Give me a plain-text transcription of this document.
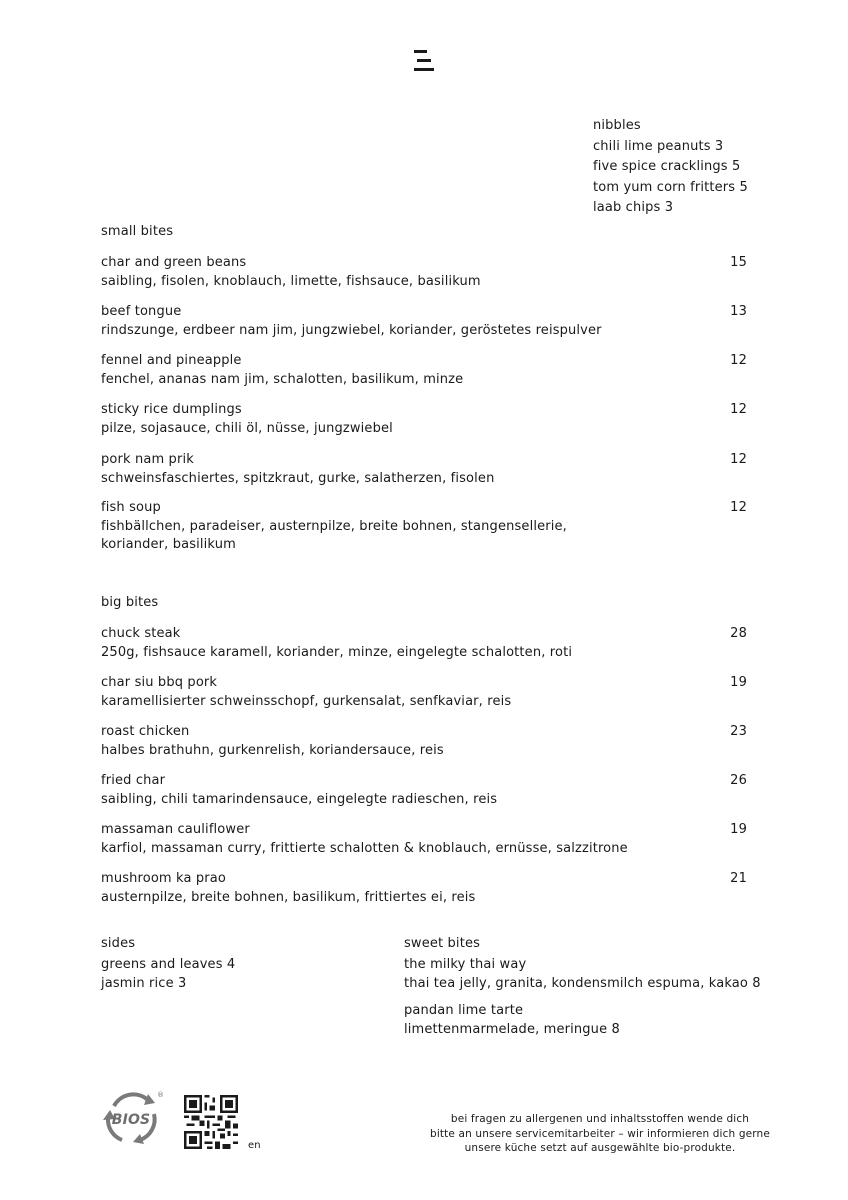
nibbles
chili lime peanuts 3
five spice cracklings 5
tom yum corn fritters 5
laab chips 3
small bites
char and green beans
saibling, fisolen, knoblauch, limette, fishsauce, basilikum
15
beef tongue
rindszunge, erdbeer nam jim, jungzwiebel, koriander, geröstetes reispulver
13
fennel and pineapple
fenchel, ananas nam jim, schalotten, basilikum, minze
12
sticky rice dumplings
pilze, sojasauce, chili öl, nüsse, jungzwiebel
12
pork nam prik
schweinsfaschiertes, spitzkraut, gurke, salatherzen, fisolen
12
fish soup
fishbällchen, paradeiser, austernpilze, breite bohnen, stangensellerie,
koriander, basilikum
12
big bites
chuck steak
250g, fishsauce karamell, koriander, minze, eingelegte schalotten, roti
28
char siu bbq pork
karamellisierter schweinsschopf, gurkensalat, senfkaviar, reis
19
roast chicken
halbes brathuhn, gurkenrelish, koriandersauce, reis
23
fried char
saibling, chili tamarindensauce, eingelegte radieschen, reis
26
massaman cauliflower
karfiol, massaman curry, frittierte schalotten & knoblauch, ernüsse, salzzitrone
19
mushroom ka prao
austernpilze, breite bohnen, basilikum, frittiertes ei, reis
21
sides
greens and leaves 4
jasmin rice 3
sweet bites
the milky thai way
thai tea jelly, granita, kondensmilch espuma, kakao 8
pandan lime tarte
limettenmarmelade, meringue 8
BIOS
®
en
bei fragen zu allergenen und inhaltsstoffen wende dich
bitte an unsere servicemitarbeiter – wir informieren dich gerne
unsere küche setzt auf ausgewählte bio-produkte.
